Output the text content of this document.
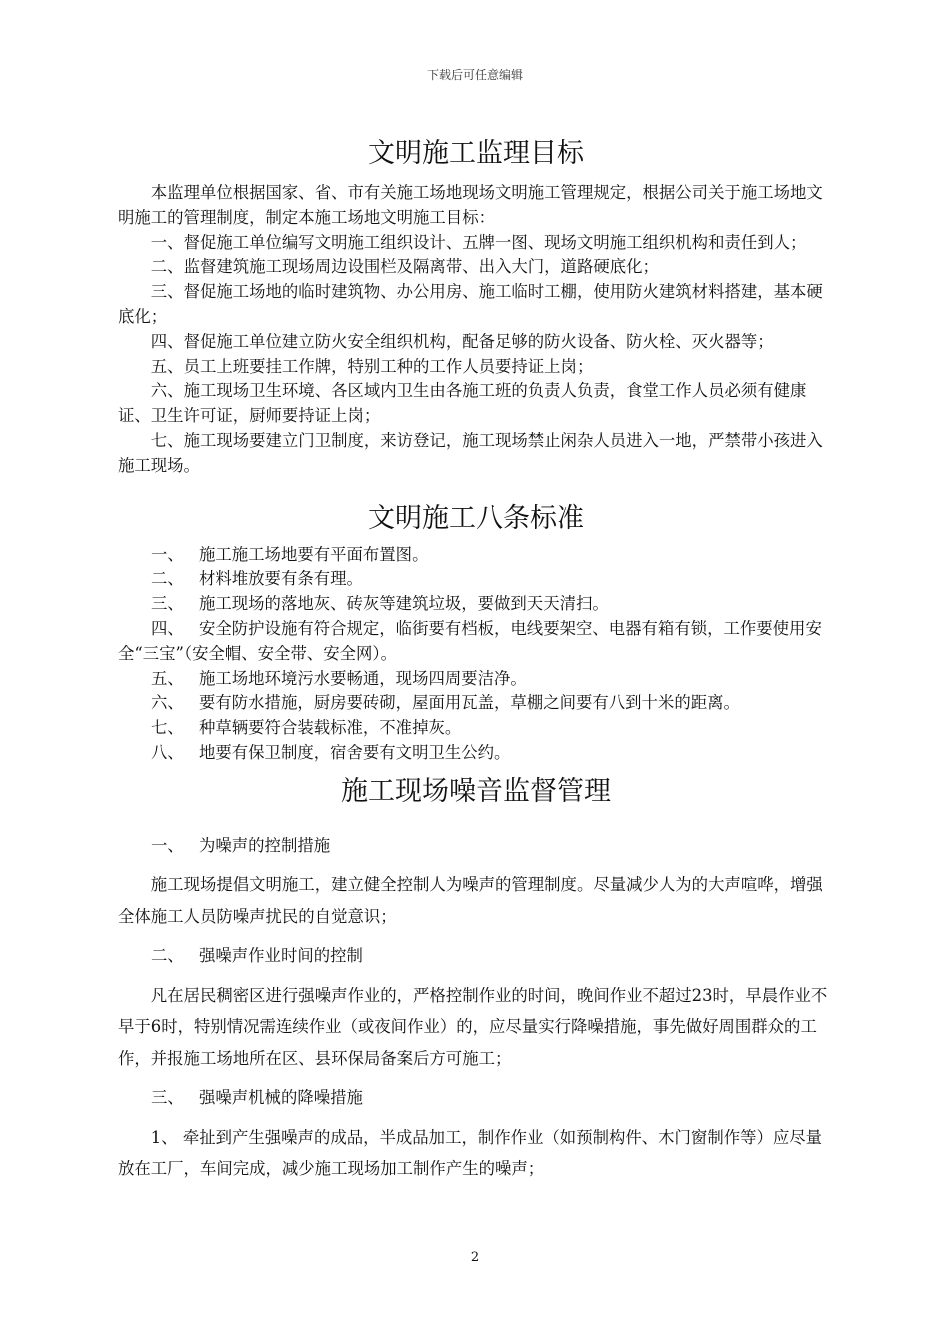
下载后可任意编辑
文明施工监理目标

本监理单位根据国家、省、市有关施工场地现场文明施工管理规定，根据公司关于施工场地文明施工的管理制度，制定本施工场地文明施工目标：

一、督促施工单位编写文明施工组织设计、五牌一图、现场文明施工组织机构和责任到人；

二、监督建筑施工现场周边设围栏及隔离带、出入大门，道路硬底化；

三、督促施工场地的临时建筑物、办公用房、施工临时工棚，使用防火建筑材料搭建，基本硬底化；

四、督促施工单位建立防火安全组织机构，配备足够的防火设备、防火栓、灭火器等；

五、员工上班要挂工作牌，特别工种的工作人员要持证上岗；

六、施工现场卫生环境、各区域内卫生由各施工班的负责人负责，食堂工作人员必须有健康证、卫生许可证，厨师要持证上岗；

七、施工现场要建立门卫制度，来访登记，施工现场禁止闲杂人员进入一地，严禁带小孩进入施工现场。

文明施工八条标准

一、 施工施工场地要有平面布置图。

二、 材料堆放要有条有理。

三、 施工现场的落地灰、砖灰等建筑垃圾，要做到天天清扫。

四、 安全防护设施有符合规定，临街要有档板，电线要架空、电器有箱有锁，工作要使用安全“三宝”（安全帽、安全带、安全网）。

五、 施工场地环境污水要畅通，现场四周要洁净。

六、 要有防水措施，厨房要砖砌，屋面用瓦盖，草棚之间要有八到十米的距离。

七、 种草辆要符合装载标准，不准掉灰。

八、 地要有保卫制度，宿舍要有文明卫生公约。

施工现场噪音监督管理

一、 为噪声的控制措施

施工现场提倡文明施工，建立健全控制人为噪声的管理制度。尽量减少人为的大声喧哗，增强全体施工人员防噪声扰民的自觉意识；

二、 强噪声作业时间的控制

凡在居民稠密区进行强噪声作业的，严格控制作业的时间，晚间作业不超过23时，早晨作业不早于6时，特别情况需连续作业（或夜间作业）的，应尽量实行降噪措施，事先做好周围群众的工作，并报施工场地所在区、县环保局备案后方可施工；

三、 强噪声机械的降噪措施

1、 牵扯到产生强噪声的成品，半成品加工，制作作业（如预制构件、木门窗制作等）应尽量放在工厂，车间完成，减少施工现场加工制作产生的噪声；

2
